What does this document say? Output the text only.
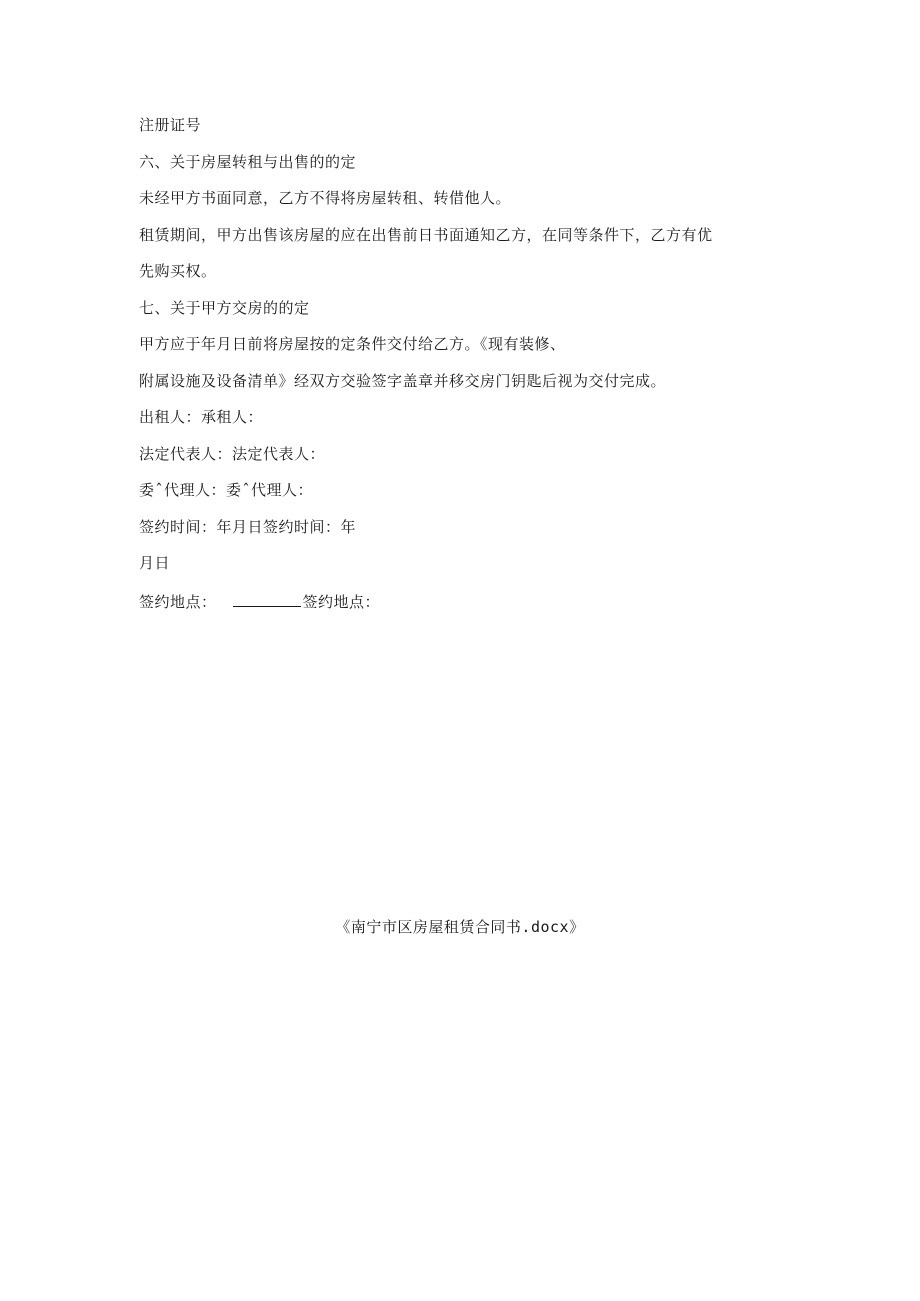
注册证号
六、关于房屋转租与出售的的定
未经甲方书面同意，乙方不得将房屋转租、转借他人。
租赁期间，甲方出售该房屋的应在出售前日书面通知乙方，在同等条件下，乙方有优
先购买权。
七、关于甲方交房的的定
甲方应于年月日前将房屋按的定条件交付给乙方。《现有装修、
附属设施及设备清单》经双方交验签字盖章并移交房门钥匙后视为交付完成。
出租人：承租人：
法定代表人：法定代表人：
委ˆ代理人：委ˆ代理人：
签约时间：年月日签约时间：年
月日
签约地点：	签约地点：
《南宁市区房屋租赁合同书.docx》
